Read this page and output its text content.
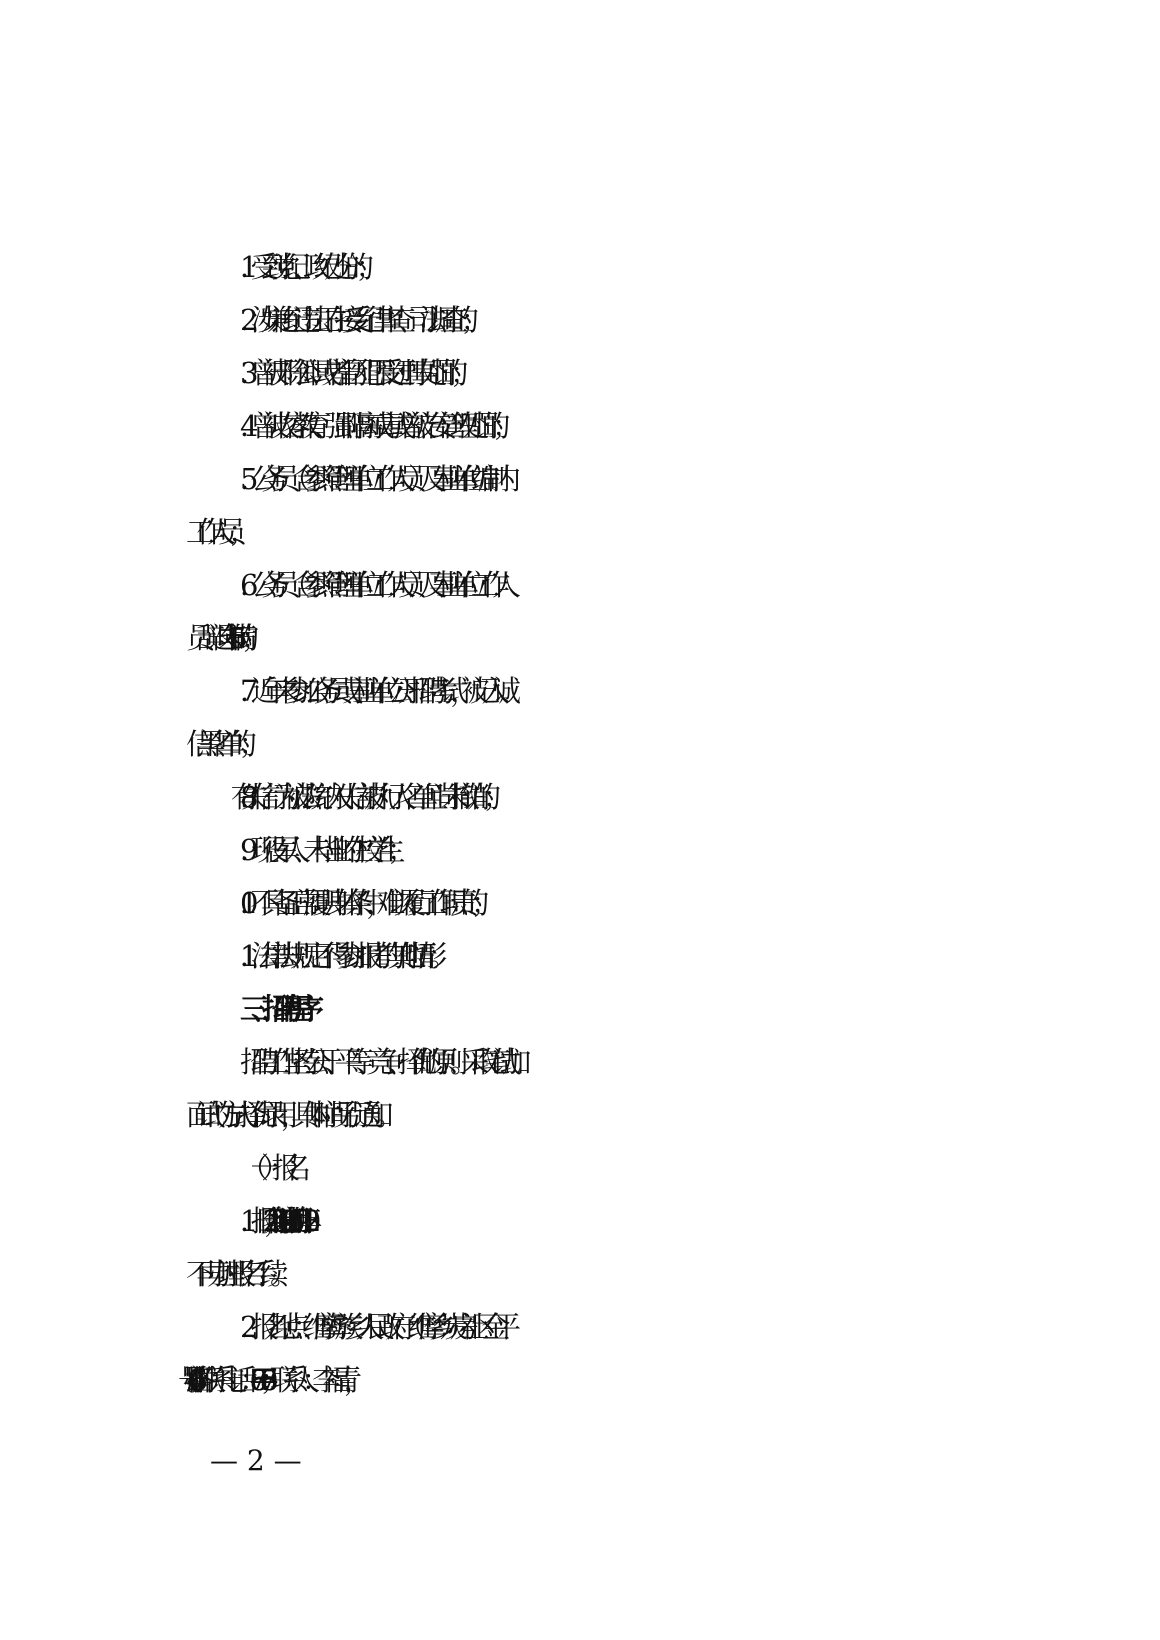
1．受到党纪、政纪处分的；
2．涉嫌违纪违法正在接受纪律审查、司法调查的；
3．曾被开除公职或者曾因犯罪受过刑事处罚的；
4．曾被收容教育、强制隔离戒毒或曾被治安管理处罚的；
5．公务员（含参照管理单位工作人员）及事业单位编制内
工作人员；
6．公务员（含参照管理单位工作人员）及事业单位工作人
员辞退未满 5 年的；
7．近年来参加公务员或事业单位公开招聘考试，被记入诚
信黑名单的；
8.有失信行为被法院纳入失信被执行人名单且尚未撤销的；
9．现役军人、未毕业的在校学生；
10．不具备正常履职身体条件，难以履行工作职责的；
11．法律法规规定不得参加报考的其他情形。
三、招聘程序
招聘工作坚持公开、平等、竞争、择优的原则。采取笔试加
面试的方式择优录用，具体时间另行通知。
（一）报名
1．报名时间：2023 年 9 月 15 日-2023 年 9 月 22 日，逾期
不再办理报名手续。
2．报名地点：维摩彝族乡人民政府（维摩乡炭房社区金平
路 10 号附 6 号）。联系电话：0876—3650078；联系人：李福青，
— 2 —
